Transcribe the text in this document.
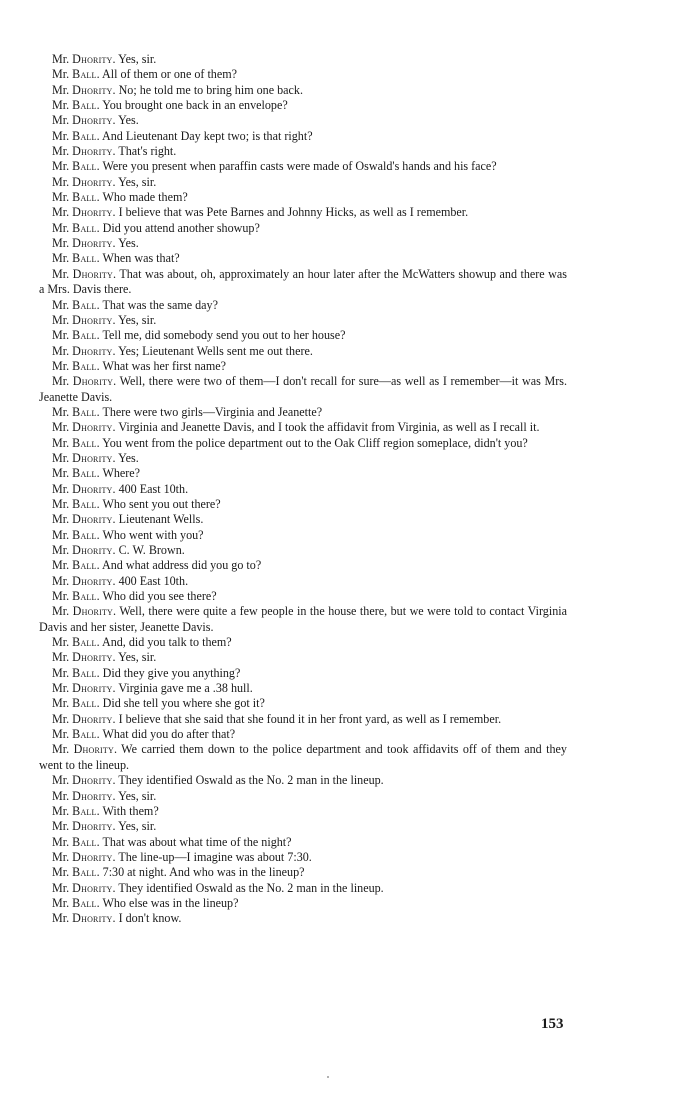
Mr. Dhority. Yes, sir.

Mr. Ball. All of them or one of them?

Mr. Dhority. No; he told me to bring him one back.

Mr. Ball. You brought one back in an envelope?

Mr. Dhority. Yes.

Mr. Ball. And Lieutenant Day kept two; is that right?

Mr. Dhority. That's right.

Mr. Ball. Were you present when paraffin casts were made of Oswald's hands and his face?

Mr. Dhority. Yes, sir.

Mr. Ball. Who made them?

Mr. Dhority. I believe that was Pete Barnes and Johnny Hicks, as well as I remember.

Mr. Ball. Did you attend another showup?

Mr. Dhority. Yes.

Mr. Ball. When was that?

Mr. Dhority. That was about, oh, approximately an hour later after the McWatters showup and there was a Mrs. Davis there.

Mr. Ball. That was the same day?

Mr. Dhority. Yes, sir.

Mr. Ball. Tell me, did somebody send you out to her house?

Mr. Dhority. Yes; Lieutenant Wells sent me out there.

Mr. Ball. What was her first name?

Mr. Dhority. Well, there were two of them—I don't recall for sure—as well as I remember—it was Mrs. Jeanette Davis.

Mr. Ball. There were two girls—Virginia and Jeanette?

Mr. Dhority. Virginia and Jeanette Davis, and I took the affidavit from Virginia, as well as I recall it.

Mr. Ball. You went from the police department out to the Oak Cliff region someplace, didn't you?

Mr. Dhority. Yes.

Mr. Ball. Where?

Mr. Dhority. 400 East 10th.

Mr. Ball. Who sent you out there?

Mr. Dhority. Lieutenant Wells.

Mr. Ball. Who went with you?

Mr. Dhority. C. W. Brown.

Mr. Ball. And what address did you go to?

Mr. Dhority. 400 East 10th.

Mr. Ball. Who did you see there?

Mr. Dhority. Well, there were quite a few people in the house there, but we were told to contact Virginia Davis and her sister, Jeanette Davis.

Mr. Ball. And, did you talk to them?

Mr. Dhority. Yes, sir.

Mr. Ball. Did they give you anything?

Mr. Dhority. Virginia gave me a .38 hull.

Mr. Ball. Did she tell you where she got it?

Mr. Dhority. I believe that she said that she found it in her front yard, as well as I remember.

Mr. Ball. What did you do after that?

Mr. Dhority. We carried them down to the police department and took affidavits off of them and they went to the lineup.

Mr. Dhority. They identified Oswald as the No. 2 man in the lineup.

Mr. Dhority. Yes, sir.

Mr. Ball. With them?

Mr. Dhority. Yes, sir.

Mr. Ball. That was about what time of the night?

Mr. Dhority. The line-up—I imagine was about 7:30.

Mr. Ball. 7:30 at night. And who was in the lineup?

Mr. Dhority. They identified Oswald as the No. 2 man in the lineup.

Mr. Ball. Who else was in the lineup?

Mr. Dhority. I don't know.

153
